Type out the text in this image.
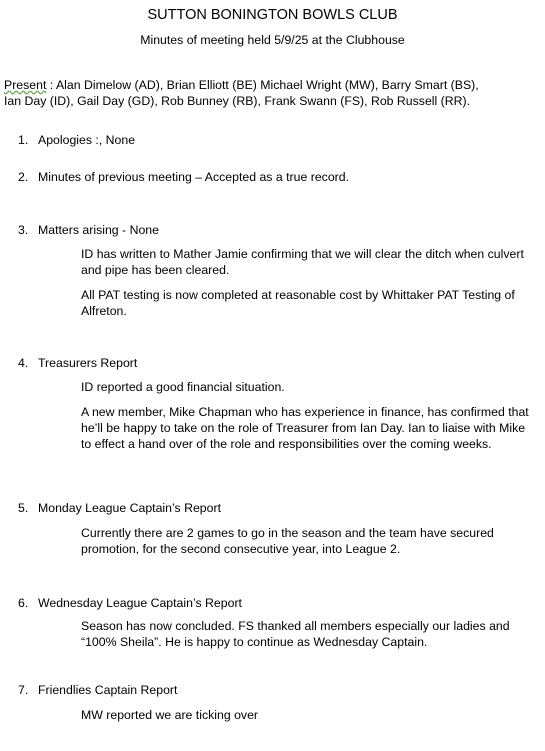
SUTTON BONINGTON BOWLS CLUB
Minutes of meeting held 5/9/25 at the Clubhouse
Present : Alan Dimelow (AD), Brian Elliott (BE) Michael Wright (MW), Barry Smart (BS),
Ian Day (ID), Gail Day (GD), Rob Bunney (RB), Frank Swann (FS), Rob Russell (RR).
1. Apologies :, None
2. Minutes of previous meeting – Accepted as a true record.
3. Matters arising - None
ID has written to Mather Jamie confirming that we will clear the ditch when culvert and pipe has been cleared.
All PAT testing is now completed at reasonable cost by Whittaker PAT Testing of Alfreton.
4. Treasurers Report
ID reported a good financial situation.
A new member, Mike Chapman who has experience in finance, has confirmed that he’ll be happy to take on the role of Treasurer from Ian Day. Ian to liaise with Mike to effect a hand over of the role and responsibilities over the coming weeks.
5. Monday League Captain’s Report
Currently there are 2 games to go in the season and the team have secured promotion, for the second consecutive year, into League 2.
6. Wednesday League Captain’s Report
Season has now concluded. FS thanked all members especially our ladies and “100% Sheila”. He is happy to continue as Wednesday Captain.
7. Friendlies Captain Report
MW reported we are ticking over
